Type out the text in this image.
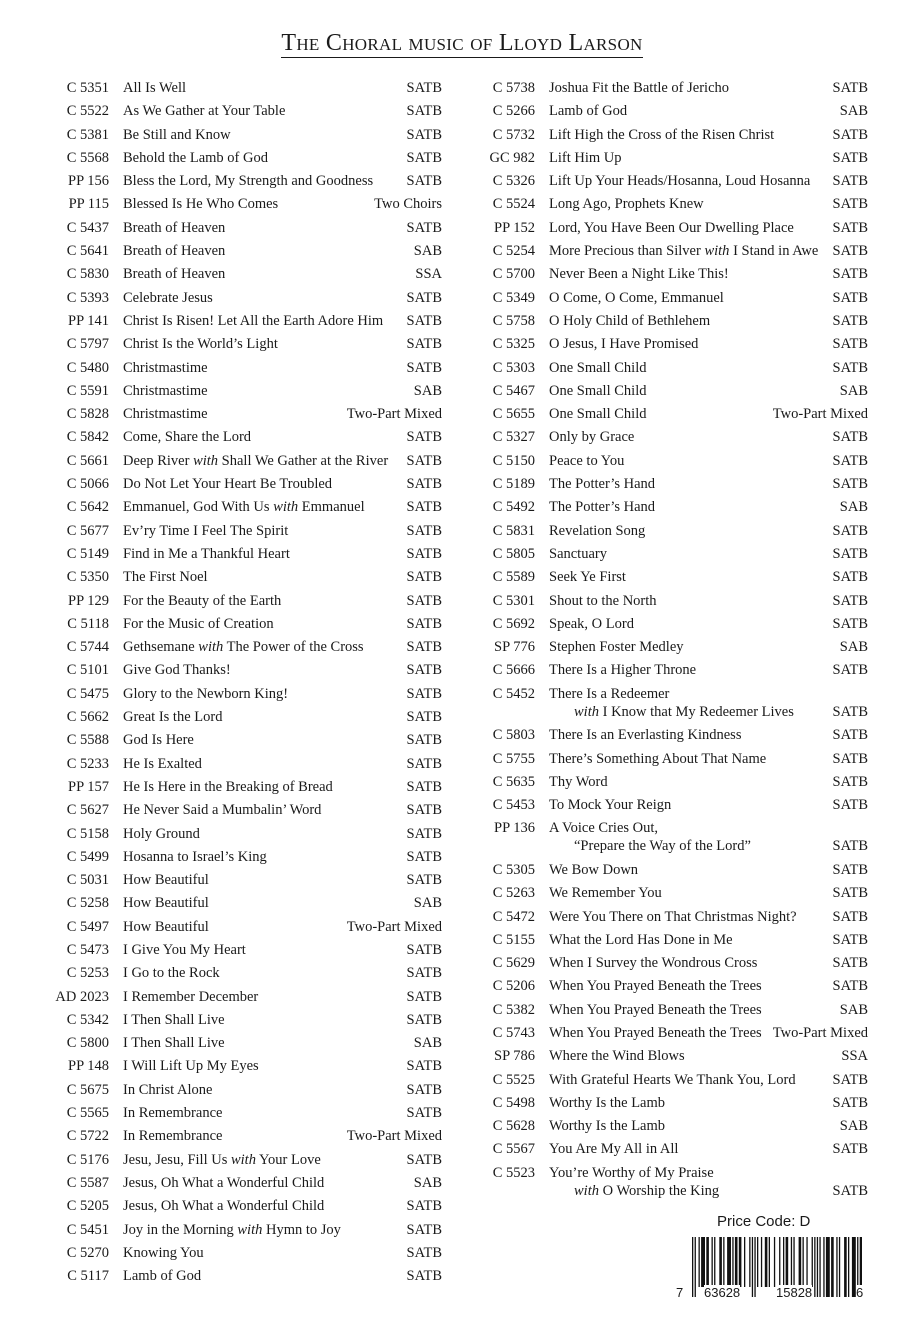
The Choral music of Lloyd Larson
C 5351 All Is Well	SATB
C 5522 As We Gather at Your Table	SATB
C 5381 Be Still and Know	SATB
C 5568 Behold the Lamb of God	SATB
PP 156 Bless the Lord, My Strength and Goodness SATB
PP 115 Blessed Is He Who Comes	Two Choirs
C 5437 Breath of Heaven	SATB
C 5641 Breath of Heaven	SAB
C 5830 Breath of Heaven	SSA
C 5393 Celebrate Jesus	SATB
PP 141 Christ Is Risen! Let All the Earth Adore Him SATB
C 5797 Christ Is the World’s Light	SATB
C 5480 Christmastime	SATB
C 5591 Christmastime	SAB
C 5828 Christmastime	Two-Part Mixed
C 5842 Come, Share the Lord	SATB
C 5661 Deep River with Shall We Gather at the River SATB
C 5066 Do Not Let Your Heart Be Troubled	SATB
C 5642 Emmanuel, God With Us with Emmanuel	SATB
C 5677 Ev’ry Time I Feel The Spirit	SATB
C 5149 Find in Me a Thankful Heart	SATB
C 5350 The First Noel	SATB
PP 129 For the Beauty of the Earth	SATB
C 5118 For the Music of Creation	SATB
C 5744 Gethsemane with The Power of the Cross	SATB
C 5101 Give God Thanks!	SATB
C 5475 Glory to the Newborn King!	SATB
C 5662 Great Is the Lord	SATB
C 5588 God Is Here	SATB
C 5233 He Is Exalted	SATB
PP 157 He Is Here in the Breaking of Bread	SATB
C 5627 He Never Said a Mumbalin’ Word	SATB
C 5158 Holy Ground	SATB
C 5499 Hosanna to Israel’s King	SATB
C 5031 How Beautiful	SATB
C 5258 How Beautiful	SAB
C 5497 How Beautiful	Two-Part Mixed
C 5473 I Give You My Heart	SATB
C 5253 I Go to the Rock	SATB
AD 2023 I Remember December	SATB
C 5342 I Then Shall Live	SATB
C 5800 I Then Shall Live	SAB
PP 148 I Will Lift Up My Eyes	SATB
C 5675 In Christ Alone	SATB
C 5565 In Remembrance	SATB
C 5722 In Remembrance	Two-Part Mixed
C 5176 Jesu, Jesu, Fill Us with Your Love	SATB
C 5587 Jesus, Oh What a Wonderful Child	SAB
C 5205 Jesus, Oh What a Wonderful Child	SATB
C 5451 Joy in the Morning with Hymn to Joy	SATB
C 5270 Knowing You	SATB
C 5117 Lamb of God	SATB
C 5738 Joshua Fit the Battle of Jericho	SATB
C 5266 Lamb of God	SAB
C 5732 Lift High the Cross of the Risen Christ	SATB
GC 982 Lift Him Up	SATB
C 5326 Lift Up Your Heads/Hosanna, Loud Hosanna SATB
C 5524 Long Ago, Prophets Knew	SATB
PP 152 Lord, You Have Been Our Dwelling Place	SATB
C 5254 More Precious than Silver with I Stand in Awe SATB
C 5700 Never Been a Night Like This!	SATB
C 5349 O Come, O Come, Emmanuel	SATB
C 5758 O Holy Child of Bethlehem	SATB
C 5325 O Jesus, I Have Promised	SATB
C 5303 One Small Child	SATB
C 5467 One Small Child	SAB
C 5655 One Small Child	Two-Part Mixed
C 5327 Only by Grace	SATB
C 5150 Peace to You	SATB
C 5189 The Potter’s Hand	SATB
C 5492 The Potter’s Hand	SAB
C 5831 Revelation Song	SATB
C 5805 Sanctuary	SATB
C 5589 Seek Ye First	SATB
C 5301 Shout to the North	SATB
C 5692 Speak, O Lord	SATB
SP 776 Stephen Foster Medley	SAB
C 5666 There Is a Higher Throne	SATB
C 5452 There Is a Redeemer
with I Know that My Redeemer Lives	SATB
C 5803 There Is an Everlasting Kindness	SATB
C 5755 There’s Something About That Name	SATB
C 5635 Thy Word	SATB
C 5453 To Mock Your Reign	SATB
PP 136 A Voice Cries Out,
“Prepare the Way of the Lord”	SATB
C 5305 We Bow Down	SATB
C 5263 We Remember You	SATB
C 5472 Were You There on That Christmas Night? SATB
C 5155 What the Lord Has Done in Me	SATB
C 5629 When I Survey the Wondrous Cross	SATB
C 5206 When You Prayed Beneath the Trees	SATB
C 5382 When You Prayed Beneath the Trees	SAB
C 5743 When You Prayed Beneath the Trees Two-Part Mixed
SP 786 Where the Wind Blows	SSA
C 5525 With Grateful Hearts We Thank You, Lord	SATB
C 5498 Worthy Is the Lamb	SATB
C 5628 Worthy Is the Lamb	SAB
C 5567 You Are My All in All	SATB
C 5523 You’re Worthy of My Praise
with O Worship the King	SATB
Price Code: D
7 63628	15828	6
